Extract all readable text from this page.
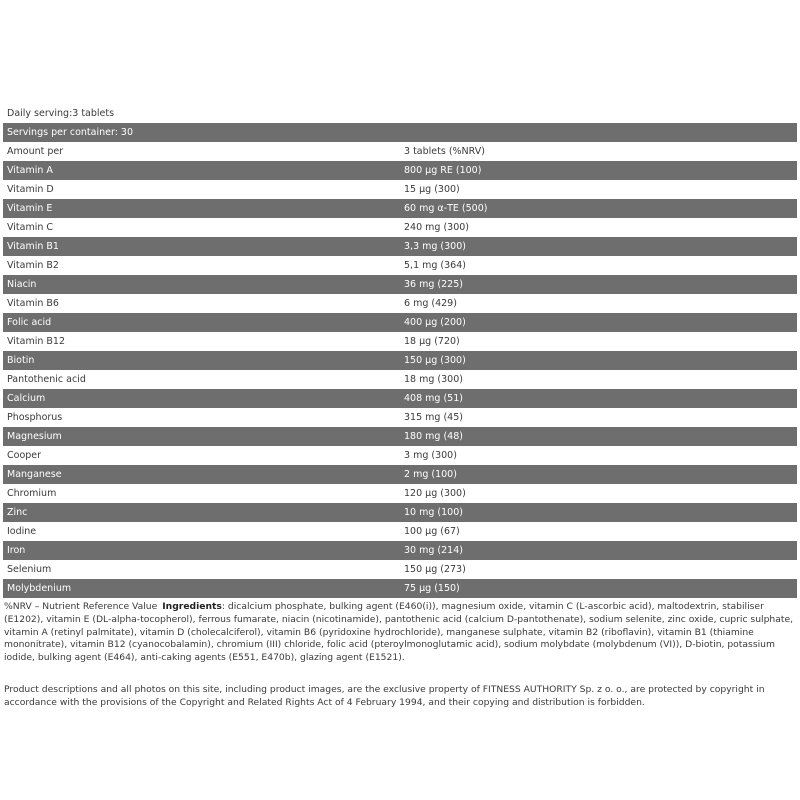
Daily serving:3 tablets
Servings per container: 30	
Amount per	3 tablets (%NRV)
Vitamin A	800 µg RE (100)
Vitamin D	15 µg (300)
Vitamin E	60 mg α-TE (500)
Vitamin C	240 mg (300)
Vitamin B1	3,3 mg (300)
Vitamin B2	5,1 mg (364)
Niacin	36 mg (225)
Vitamin B6	6 mg (429)
Folic acid	400 µg (200)
Vitamin B12	18 µg (720)
Biotin	150 µg (300)
Pantothenic acid	18 mg (300)
Calcium	408 mg (51)
Phosphorus	315 mg (45)
Magnesium	180 mg (48)
Cooper	3 mg (300)
Manganese	2 mg (100)
Chromium	120 µg (300)
Zinc	10 mg (100)
Iodine	100 µg (67)
Iron	30 mg (214)
Selenium	150 µg (273)
Molybdenium	75 µg (150)
%NRV – Nutrient Reference Value Ingredients: dicalcium phosphate, bulking agent (E460(i)), magnesium oxide, vitamin C (L-ascorbic acid), maltodextrin, stabiliser (E1202), vitamin E (DL-alpha-tocopherol), ferrous fumarate, niacin (nicotinamide), pantothenic acid (calcium D-pantothenate), sodium selenite, zinc oxide, cupric sulphate, vitamin A (retinyl palmitate), vitamin D (cholecalciferol), vitamin B6 (pyridoxine hydrochloride), manganese sulphate, vitamin B2 (riboflavin), vitamin B1 (thiamine mononitrate), vitamin B12 (cyanocobalamin), chromium (III) chloride, folic acid (pteroylmonoglutamic acid), sodium molybdate (molybdenum (VI)), D-biotin, potassium iodide, bulking agent (E464), anti-caking agents (E551, E470b), glazing agent (E1521).
Product descriptions and all photos on this site, including product images, are the exclusive property of FITNESS AUTHORITY Sp. z o. o., are protected by copyright in accordance with the provisions of the Copyright and Related Rights Act of 4 February 1994, and their copying and distribution is forbidden.
